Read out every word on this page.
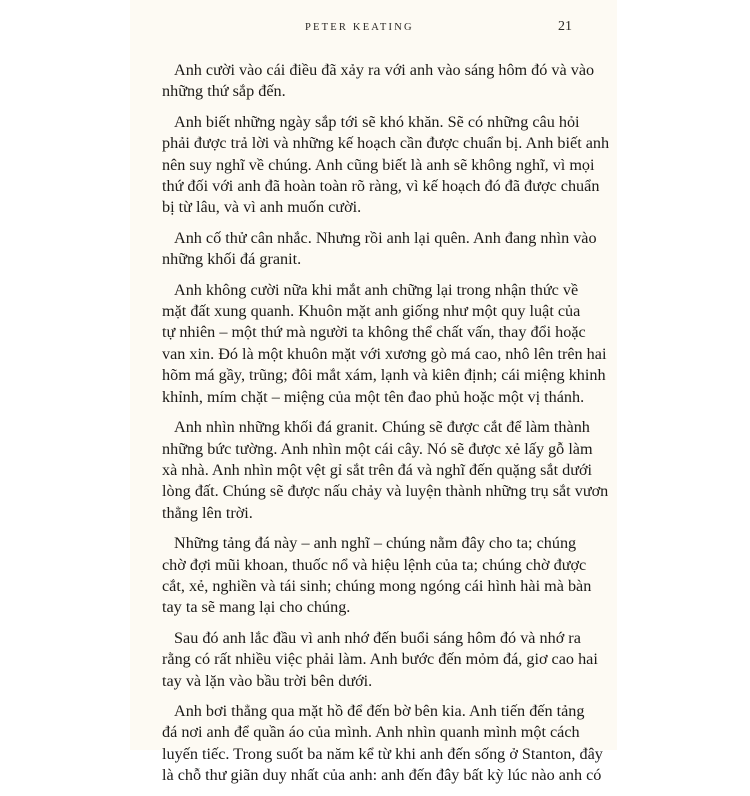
PETER KEATING	21

Anh cười vào cái điều đã xảy ra với anh vào sáng hôm đó và vào
những thứ sắp đến.

Anh biết những ngày sắp tới sẽ khó khăn. Sẽ có những câu hỏi
phải được trả lời và những kế hoạch cần được chuẩn bị. Anh biết anh
nên suy nghĩ về chúng. Anh cũng biết là anh sẽ không nghĩ, vì mọi
thứ đối với anh đã hoàn toàn rõ ràng, vì kế hoạch đó đã được chuẩn
bị từ lâu, và vì anh muốn cười.

Anh cố thử cân nhắc. Nhưng rồi anh lại quên. Anh đang nhìn vào
những khối đá granit.

Anh không cười nữa khi mắt anh chững lại trong nhận thức về
mặt đất xung quanh. Khuôn mặt anh giống như một quy luật của
tự nhiên – một thứ mà người ta không thể chất vấn, thay đổi hoặc
van xin. Đó là một khuôn mặt với xương gò má cao, nhô lên trên hai
hõm má gầy, trũng; đôi mắt xám, lạnh và kiên định; cái miệng khinh
khỉnh, mím chặt – miệng của một tên đao phủ hoặc một vị thánh.

Anh nhìn những khối đá granit. Chúng sẽ được cắt để làm thành
những bức tường. Anh nhìn một cái cây. Nó sẽ được xẻ lấy gỗ làm
xà nhà. Anh nhìn một vệt gỉ sắt trên đá và nghĩ đến quặng sắt dưới
lòng đất. Chúng sẽ được nấu chảy và luyện thành những trụ sắt vươn
thẳng lên trời.

Những tảng đá này – anh nghĩ – chúng nằm đây cho ta; chúng
chờ đợi mũi khoan, thuốc nổ và hiệu lệnh của ta; chúng chờ được
cắt, xẻ, nghiền và tái sinh; chúng mong ngóng cái hình hài mà bàn
tay ta sẽ mang lại cho chúng.

Sau đó anh lắc đầu vì anh nhớ đến buổi sáng hôm đó và nhớ ra
rằng có rất nhiều việc phải làm. Anh bước đến mỏm đá, giơ cao hai
tay và lặn vào bầu trời bên dưới.

Anh bơi thẳng qua mặt hồ để đến bờ bên kia. Anh tiến đến tảng
đá nơi anh để quần áo của mình. Anh nhìn quanh mình một cách
luyến tiếc. Trong suốt ba năm kể từ khi anh đến sống ở Stanton, đây
là chỗ thư giãn duy nhất của anh: anh đến đây bất kỳ lúc nào anh có
